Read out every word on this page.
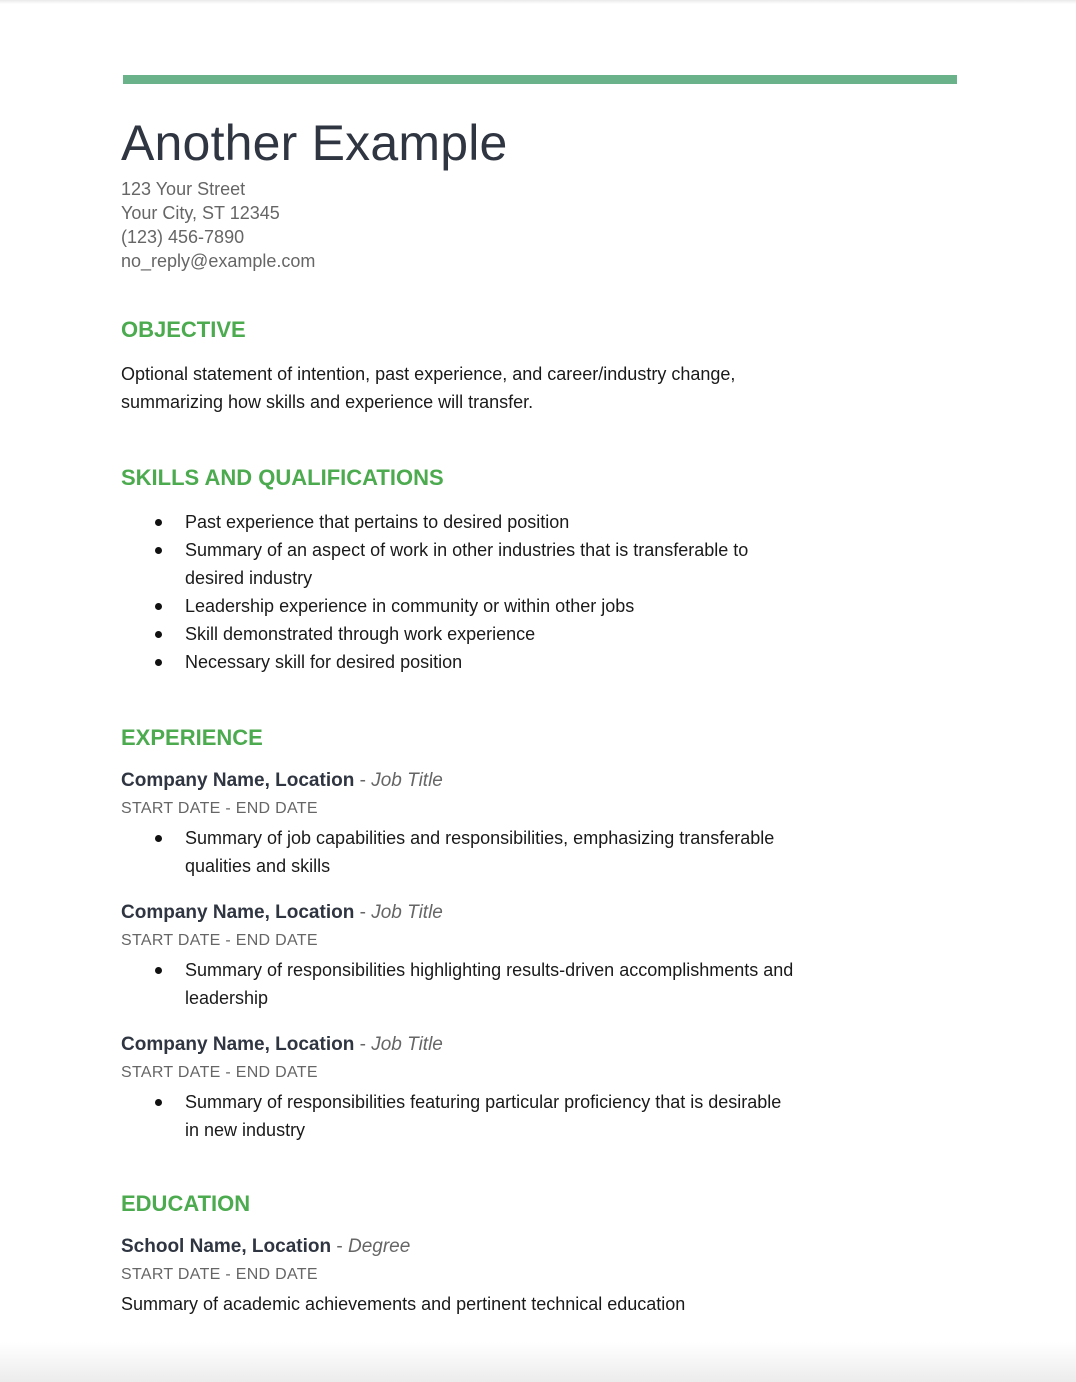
Another Example
123 Your Street
Your City, ST 12345
(123) 456-7890
no_reply@example.com
OBJECTIVE
Optional statement of intention, past experience, and career/industry change, summarizing how skills and experience will transfer.
SKILLS AND QUALIFICATIONS
Past experience that pertains to desired position
Summary of an aspect of work in other industries that is transferable to desired industry
Leadership experience in community or within other jobs
Skill demonstrated through work experience
Necessary skill for desired position
EXPERIENCE
Company Name, Location - Job Title
START DATE - END DATE
Summary of job capabilities and responsibilities, emphasizing transferable qualities and skills
Company Name, Location - Job Title
START DATE - END DATE
Summary of responsibilities highlighting results-driven accomplishments and leadership
Company Name, Location - Job Title
START DATE - END DATE
Summary of responsibilities featuring particular proficiency that is desirable in new industry
EDUCATION
School Name, Location - Degree
START DATE - END DATE
Summary of academic achievements and pertinent technical education
